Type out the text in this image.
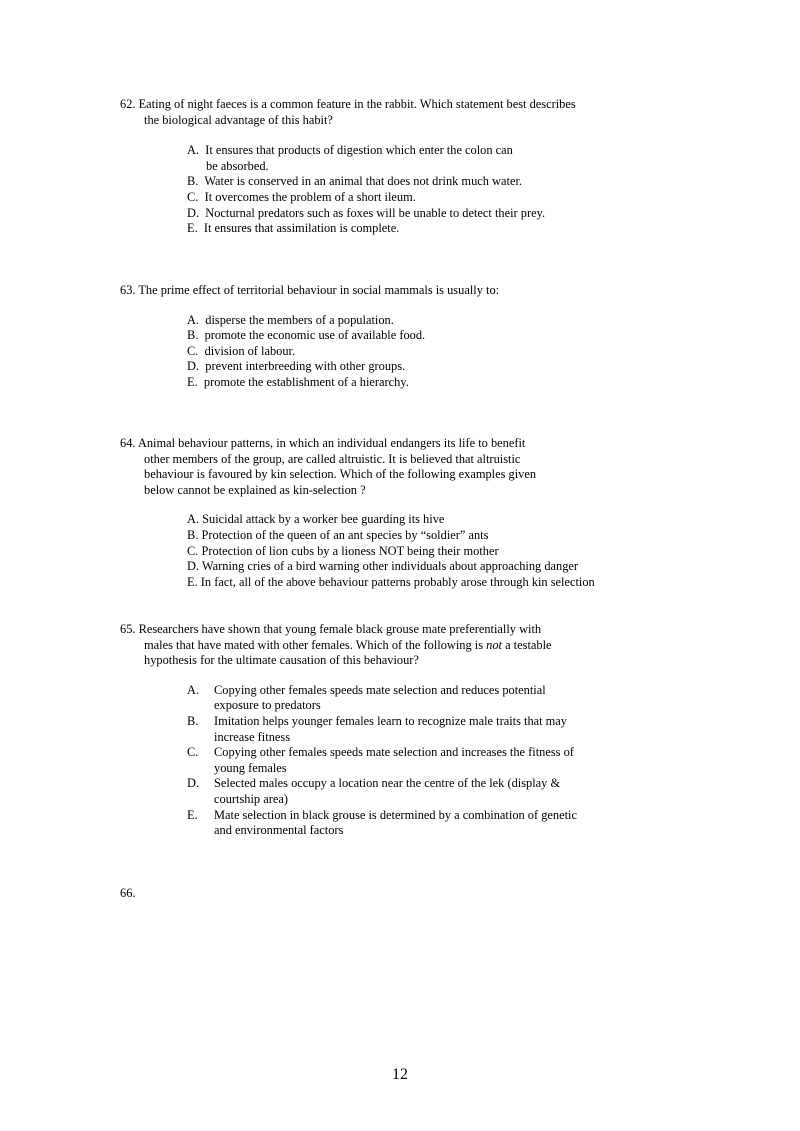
62. Eating of night faeces is a common feature in the rabbit. Which statement best describes
the biological advantage of this habit?
A. It ensures that products of digestion which enter the colon can
be absorbed.
B. Water is conserved in an animal that does not drink much water.
C. It overcomes the problem of a short ileum.
D. Nocturnal predators such as foxes will be unable to detect their prey.
E. It ensures that assimilation is complete.
63. The prime effect of territorial behaviour in social mammals is usually to:
A. disperse the members of a population.
B. promote the economic use of available food.
C. division of labour.
D. prevent interbreeding with other groups.
E. promote the establishment of a hierarchy.
64. Animal behaviour patterns, in which an individual endangers its life to benefit
other members of the group, are called altruistic. It is believed that altruistic
behaviour is favoured by kin selection. Which of the following examples given
below cannot be explained as kin-selection ?
A. Suicidal attack by a worker bee guarding its hive
B. Protection of the queen of an ant species by “soldier” ants
C. Protection of lion cubs by a lioness NOT being their mother
D. Warning cries of a bird warning other individuals about approaching danger
E. In fact, all of the above behaviour patterns probably arose through kin selection
65. Researchers have shown that young female black grouse mate preferentially with
males that have mated with other females. Which of the following is not a testable
hypothesis for the ultimate causation of this behaviour?
A.	Copying other females speeds mate selection and reduces potential
exposure to predators
B.	Imitation helps younger females learn to recognize male traits that may
increase fitness
C.	Copying other females speeds mate selection and increases the fitness of
young females
D.	Selected males occupy a location near the centre of the lek (display &
courtship area)
E.	Mate selection in black grouse is determined by a combination of genetic
and environmental factors
66.
12
